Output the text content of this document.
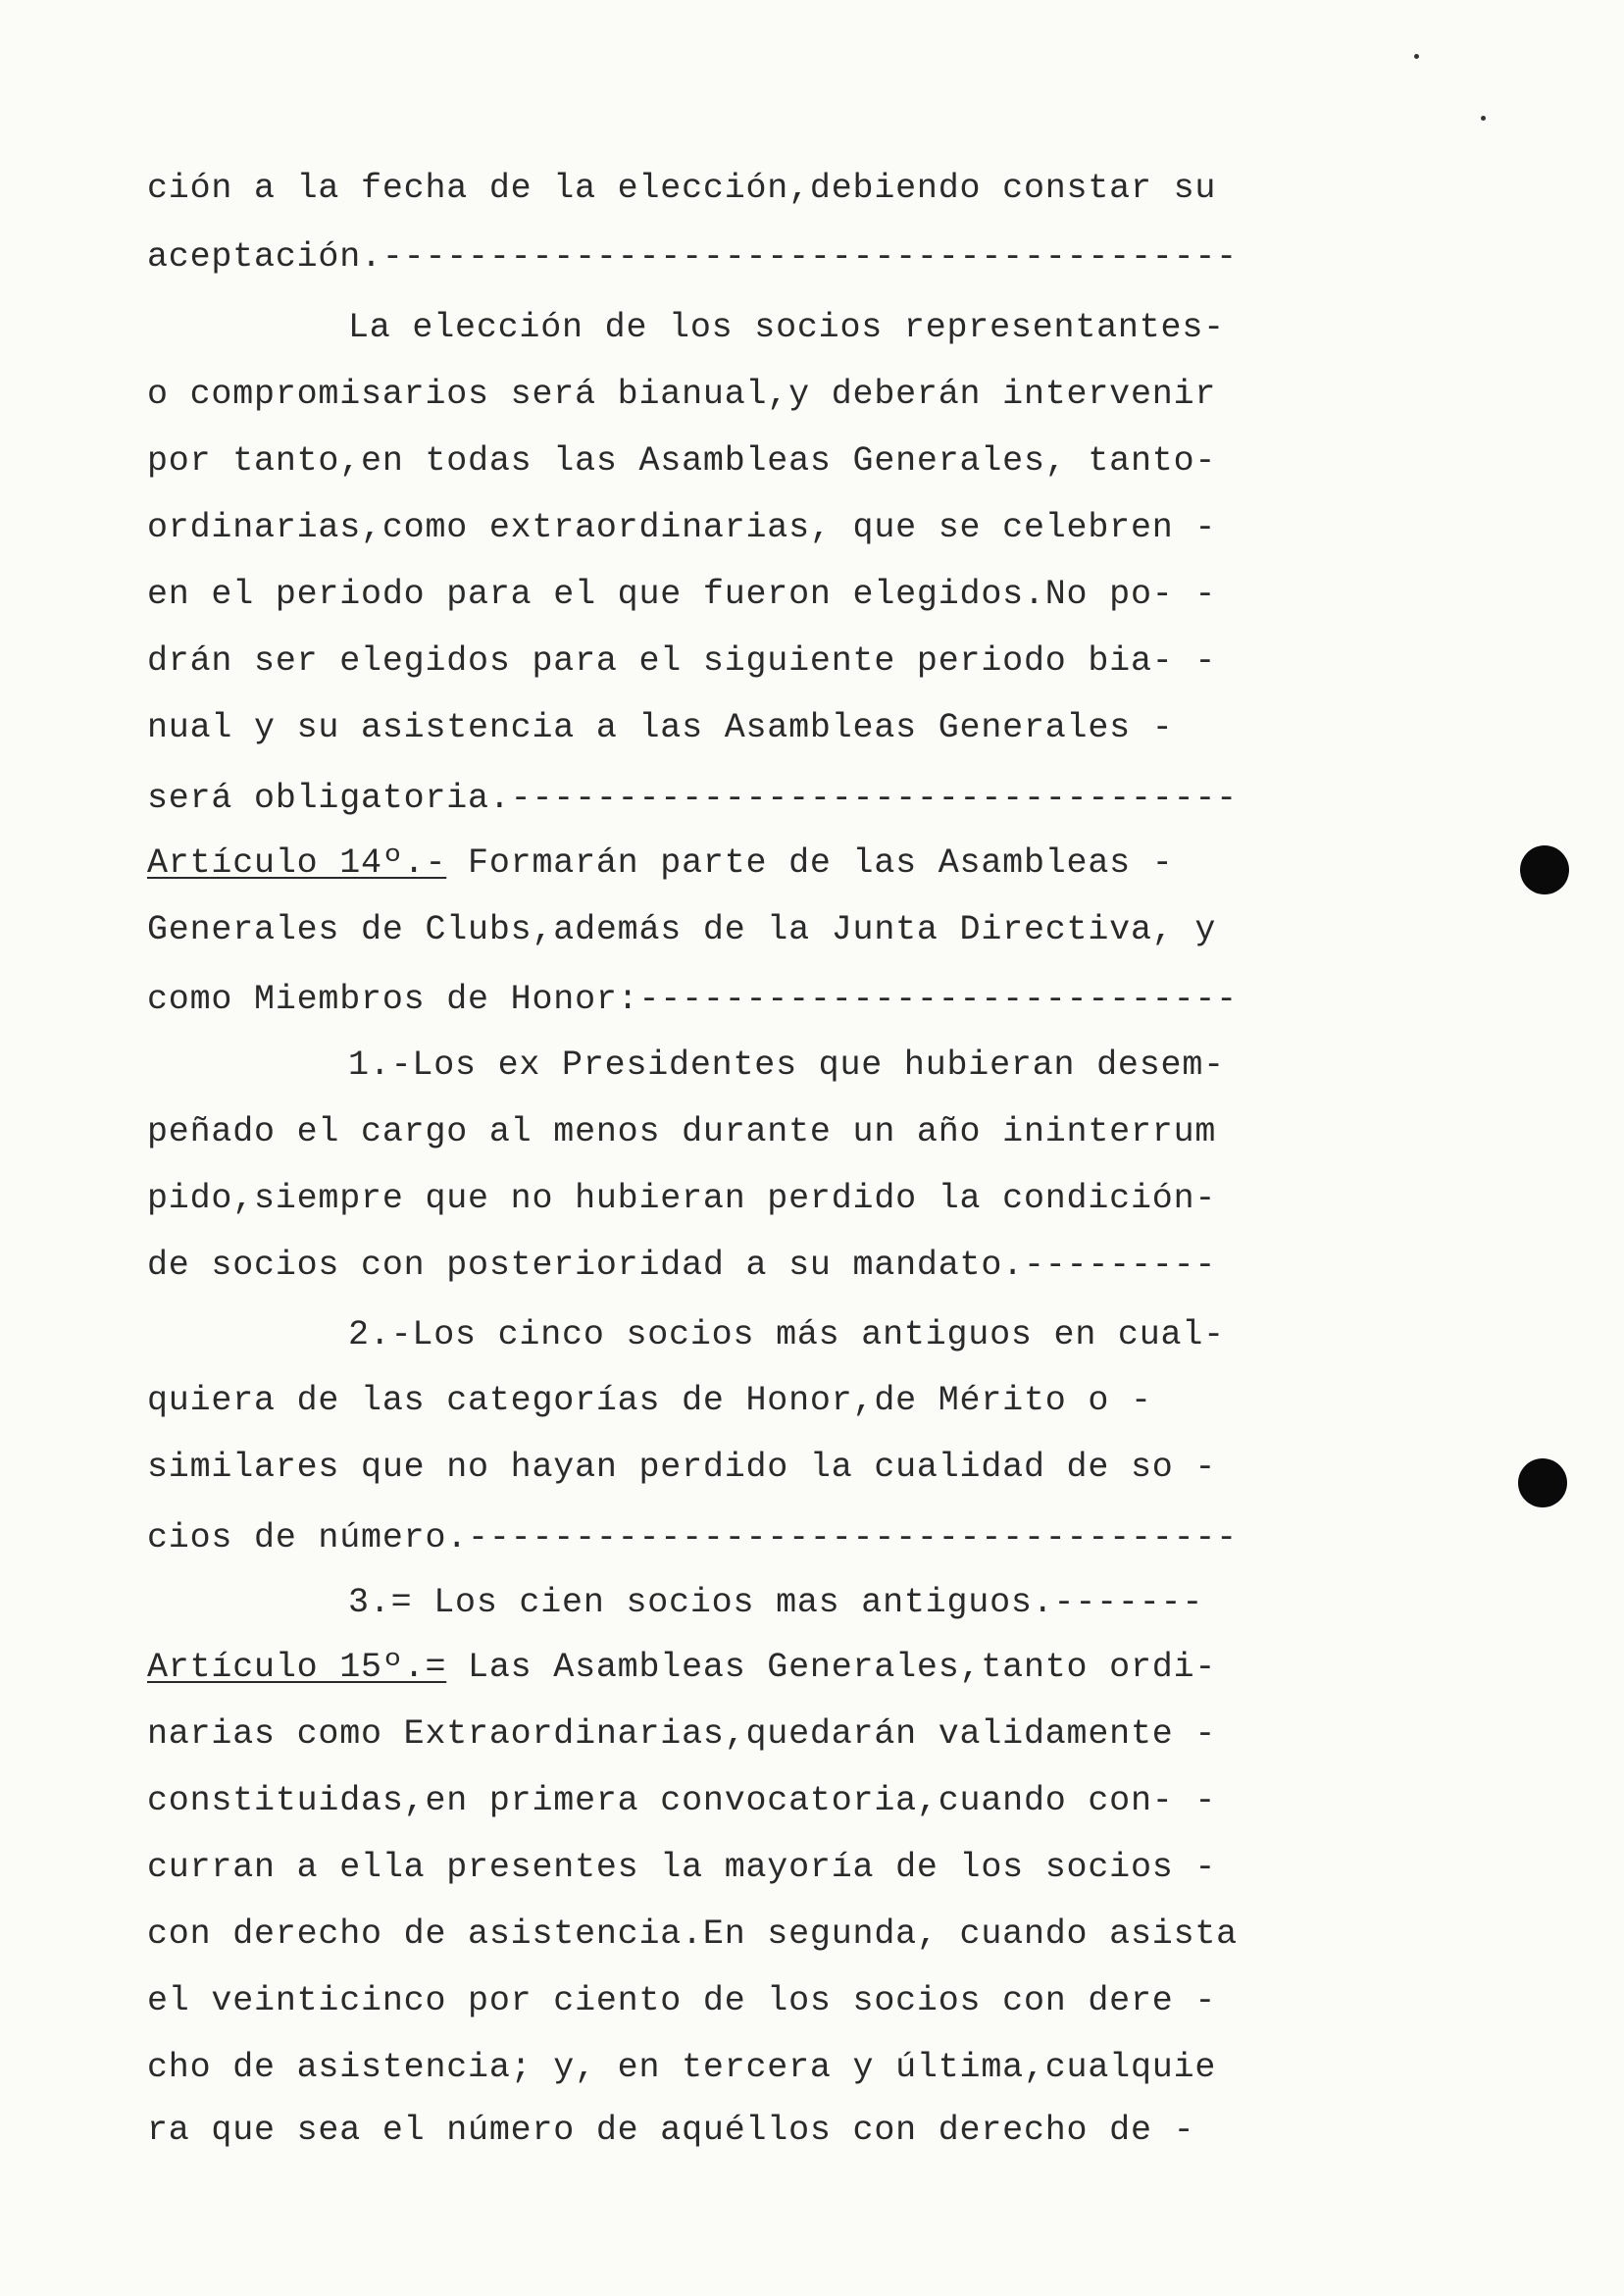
ción a la fecha de la elección,debiendo constar su
aceptación.----------------------------------------
La elección de los socios representantes-
o compromisarios será bianual,y deberán intervenir
por tanto,en todas las Asambleas Generales, tanto-
ordinarias,como extraordinarias, que se celebren -
en el periodo para el que fueron elegidos.No po- -
drán ser elegidos para el siguiente periodo bia- -
nual y su asistencia a las Asambleas Generales -
será obligatoria.----------------------------------
Artículo 14º.- Formarán parte de las Asambleas -
Generales de Clubs,además de la Junta Directiva, y
como Miembros de Honor:----------------------------
1.-Los ex Presidentes que hubieran desem-
peñado el cargo al menos durante un año ininterrum
pido,siempre que no hubieran perdido la condición-
de socios con posterioridad a su mandato.---------
2.-Los cinco socios más antiguos en cual-
quiera de las categorías de Honor,de Mérito o -
similares que no hayan perdido la cualidad de so -
cios de número.------------------------------------
3.= Los cien socios mas antiguos.-------
Artículo 15º.= Las Asambleas Generales,tanto ordi-
narias como Extraordinarias,quedarán validamente -
constituidas,en primera convocatoria,cuando con- -
curran a ella presentes la mayoría de los socios -
con derecho de asistencia.En segunda, cuando asista
el veinticinco por ciento de los socios con dere -
cho de asistencia; y, en tercera y última,cualquie
ra que sea el número de aquéllos con derecho de -
